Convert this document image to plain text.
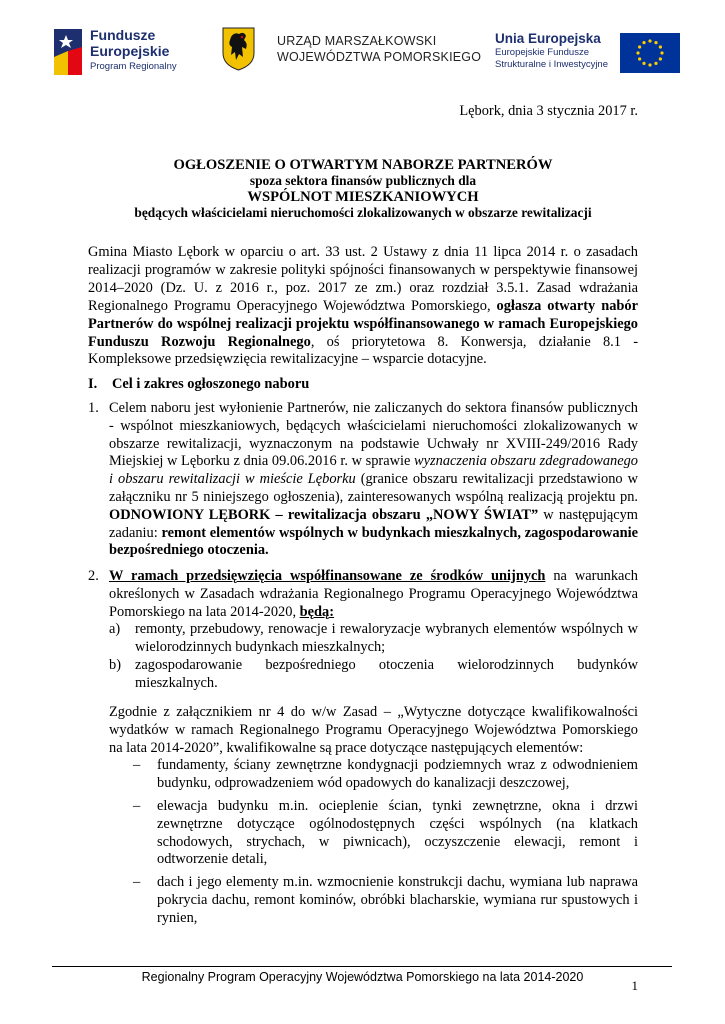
Fundusze
Europejskie
Program Regionalny
URZĄD MARSZAŁKOWSKI
WOJEWÓDZTWA POMORSKIEGO
Unia Europejska
Europejskie Fundusze
Strukturalne i Inwestycyjne
Lębork, dnia 3 stycznia 2017 r.
OGŁOSZENIE O OTWARTYM NABORZE PARTNERÓW
spoza sektora finansów publicznych dla
WSPÓLNOT MIESZKANIOWYCH
będących właścicielami nieruchomości zlokalizowanych w obszarze rewitalizacji
Gmina Miasto Lębork w oparciu o art. 33 ust. 2 Ustawy z dnia 11 lipca 2014 r. o zasadach realizacji programów w zakresie polityki spójności finansowanych w perspektywie finansowej 2014–2020 (Dz. U. z 2016 r., poz. 2017 ze zm.) oraz rozdział 3.5.1. Zasad wdrażania Regionalnego Programu Operacyjnego Województwa Pomorskiego, ogłasza otwarty nabór Partnerów do wspólnej realizacji projektu współfinansowanego w ramach Europejskiego Funduszu Rozwoju Regionalnego, oś priorytetowa 8. Konwersja, działanie 8.1 - Kompleksowe przedsięwzięcia rewitalizacyjne – wsparcie dotacyjne.
I. Cel i zakres ogłoszonego naboru
1. Celem naboru jest wyłonienie Partnerów, nie zaliczanych do sektora finansów publicznych - wspólnot mieszkaniowych, będących właścicielami nieruchomości zlokalizowanych w obszarze rewitalizacji, wyznaczonym na podstawie Uchwały nr XVIII-249/2016 Rady Miejskiej w Lęborku z dnia 09.06.2016 r. w sprawie wyznaczenia obszaru zdegradowanego i obszaru rewitalizacji w mieście Lęborku (granice obszaru rewitalizacji przedstawiono w załączniku nr 5 niniejszego ogłoszenia), zainteresowanych wspólną realizacją projektu pn. ODNOWIONY LĘBORK – rewitalizacja obszaru „NOWY ŚWIAT” w następującym zadaniu: remont elementów wspólnych w budynkach mieszkalnych, zagospodarowanie bezpośredniego otoczenia.
2. W ramach przedsięwzięcia współfinansowane ze środków unijnych na warunkach określonych w Zasadach wdrażania Regionalnego Programu Operacyjnego Województwa Pomorskiego na lata 2014-2020, będą:
a) remonty, przebudowy, renowacje i rewaloryzacje wybranych elementów wspólnych w wielorodzinnych budynkach mieszkalnych;
b) zagospodarowanie bezpośredniego otoczenia wielorodzinnych budynków mieszkalnych.
Zgodnie z załącznikiem nr 4 do w/w Zasad – „Wytyczne dotyczące kwalifikowalności wydatków w ramach Regionalnego Programu Operacyjnego Województwa Pomorskiego na lata 2014-2020”, kwalifikowalne są prace dotyczące następujących elementów:
– fundamenty, ściany zewnętrzne kondygnacji podziemnych wraz z odwodnieniem budynku, odprowadzeniem wód opadowych do kanalizacji deszczowej,
– elewacja budynku m.in. ocieplenie ścian, tynki zewnętrzne, okna i drzwi zewnętrzne dotyczące ogólnodostępnych części wspólnych (na klatkach schodowych, strychach, w piwnicach), oczyszczenie elewacji, remont i odtworzenie detali,
– dach i jego elementy m.in. wzmocnienie konstrukcji dachu, wymiana lub naprawa pokrycia dachu, remont kominów, obróbki blacharskie, wymiana rur spustowych i rynien,
Regionalny Program Operacyjny Województwa Pomorskiego na lata 2014-2020
1
